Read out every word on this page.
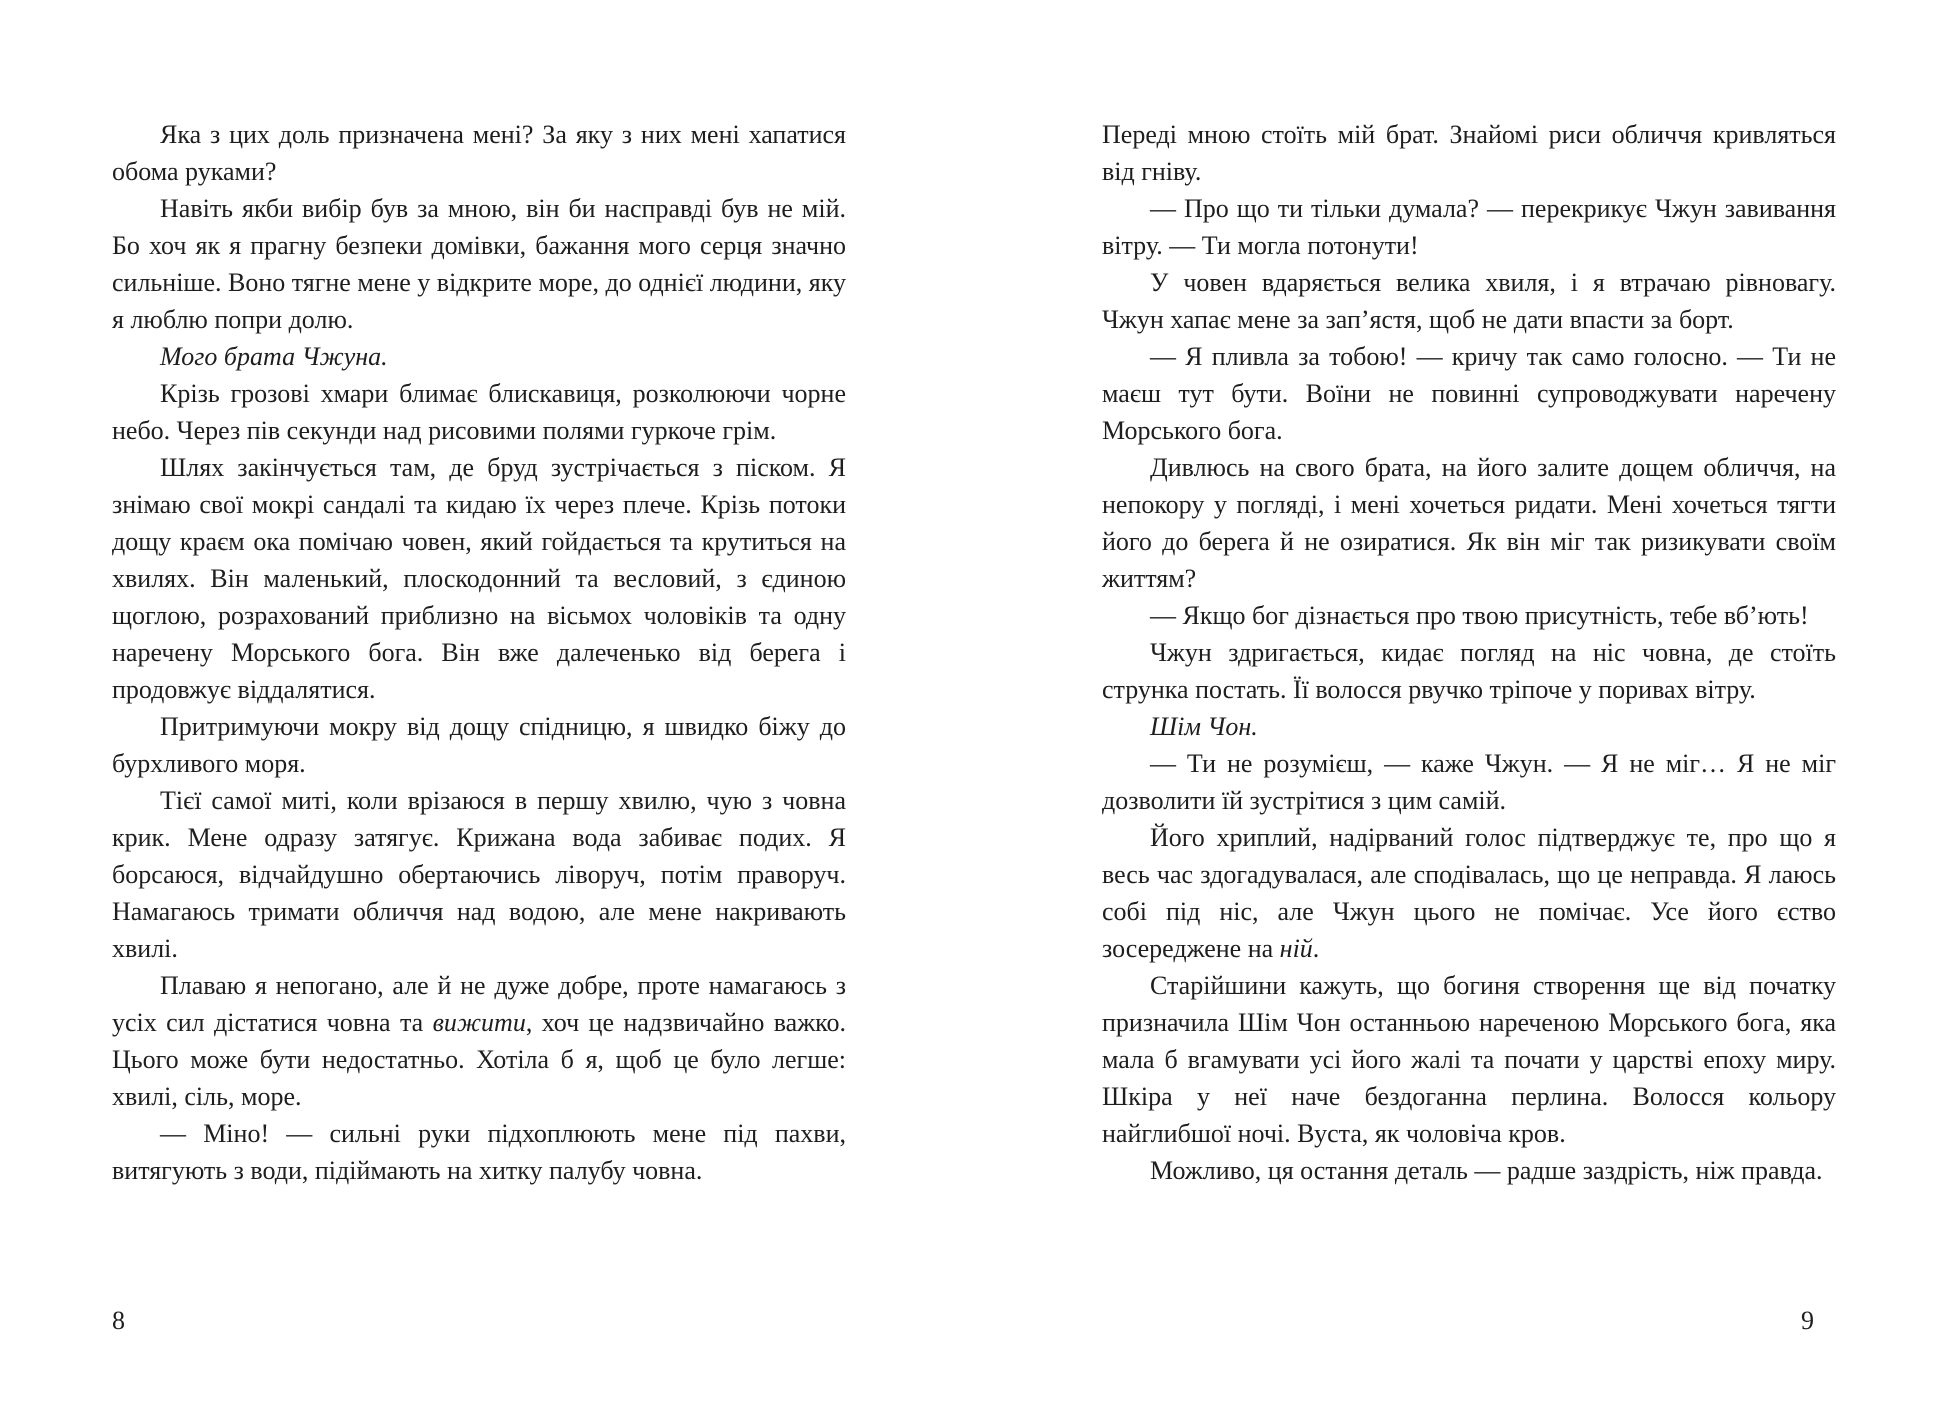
Яка з цих доль призначена мені? За яку з них мені хапатися обома руками?

Навіть якби вибір був за мною, він би насправді був не мій. Бо хоч як я прагну безпеки домівки, бажання мого серця значно сильніше. Воно тягне мене у відкрите море, до однієї людини, яку я люблю попри долю.

Мого брата Чжуна.

Крізь грозові хмари блимає блискавиця, розколюючи чорне небо. Через пів секунди над рисовими полями гуркоче грім.

Шлях закінчується там, де бруд зустрічається з піском. Я знімаю свої мокрі сандалі та кидаю їх через плече. Крізь потоки дощу краєм ока помічаю човен, який гойдається та крутиться на хвилях. Він маленький, плоскодонний та весловий, з єдиною щоглою, розрахований приблизно на вісьмох чоловіків та одну наречену Морського бога. Він вже далеченько від берега і продовжує віддалятися.

Притримуючи мокру від дощу спідницю, я швидко біжу до бурхливого моря.

Тієї самої миті, коли врізаюся в першу хвилю, чую з човна крик. Мене одразу затягує. Крижана вода забиває подих. Я борсаюся, відчайдушно обертаючись ліворуч, потім праворуч. Намагаюсь тримати обличчя над водою, але мене накривають хвилі.

Плаваю я непогано, але й не дуже добре, проте намагаюсь з усіх сил дістатися човна та вижити, хоч це надзвичайно важко. Цього може бути недостатньо. Хотіла б я, щоб це було легше: хвилі, сіль, море.

— Міно! — сильні руки підхоплюють мене під пахви, витягують з води, підіймають на хитку палубу човна.

8

Переді мною стоїть мій брат. Знайомі риси обличчя кривляться від гніву.

— Про що ти тільки думала? — перекрикує Чжун завивання вітру. — Ти могла потонути!

У човен вдаряється велика хвиля, і я втрачаю рівновагу. Чжун хапає мене за зап’ястя, щоб не дати впасти за борт.

— Я пливла за тобою! — кричу так само голосно. — Ти не маєш тут бути. Воїни не повинні супроводжувати наречену Морського бога.

Дивлюсь на свого брата, на його залите дощем обличчя, на непокору у погляді, і мені хочеться ридати. Мені хочеться тягти його до берега й не озиратися. Як він міг так ризикувати своїм життям?

— Якщо бог дізнається про твою присутність, тебе вб’ють!

Чжун здригається, кидає погляд на ніс човна, де стоїть струнка постать. Її волосся рвучко тріпоче у поривах вітру.

Шім Чон.

— Ти не розумієш, — каже Чжун. — Я не міг… Я не міг дозволити їй зустрітися з цим самій.

Його хриплий, надірваний голос підтверджує те, про що я весь час здогадувалася, але сподівалась, що це неправда. Я лаюсь собі під ніс, але Чжун цього не помічає. Усе його єство зосереджене на ній.

Старійшини кажуть, що богиня створення ще від початку призначила Шім Чон останньою нареченою Морського бога, яка мала б вгамувати усі його жалі та почати у царстві епоху миру. Шкіра у неї наче бездоганна перлина. Волосся кольору найглибшої ночі. Вуста, як чоловіча кров.

Можливо, ця остання деталь — радше заздрість, ніж правда.

9
